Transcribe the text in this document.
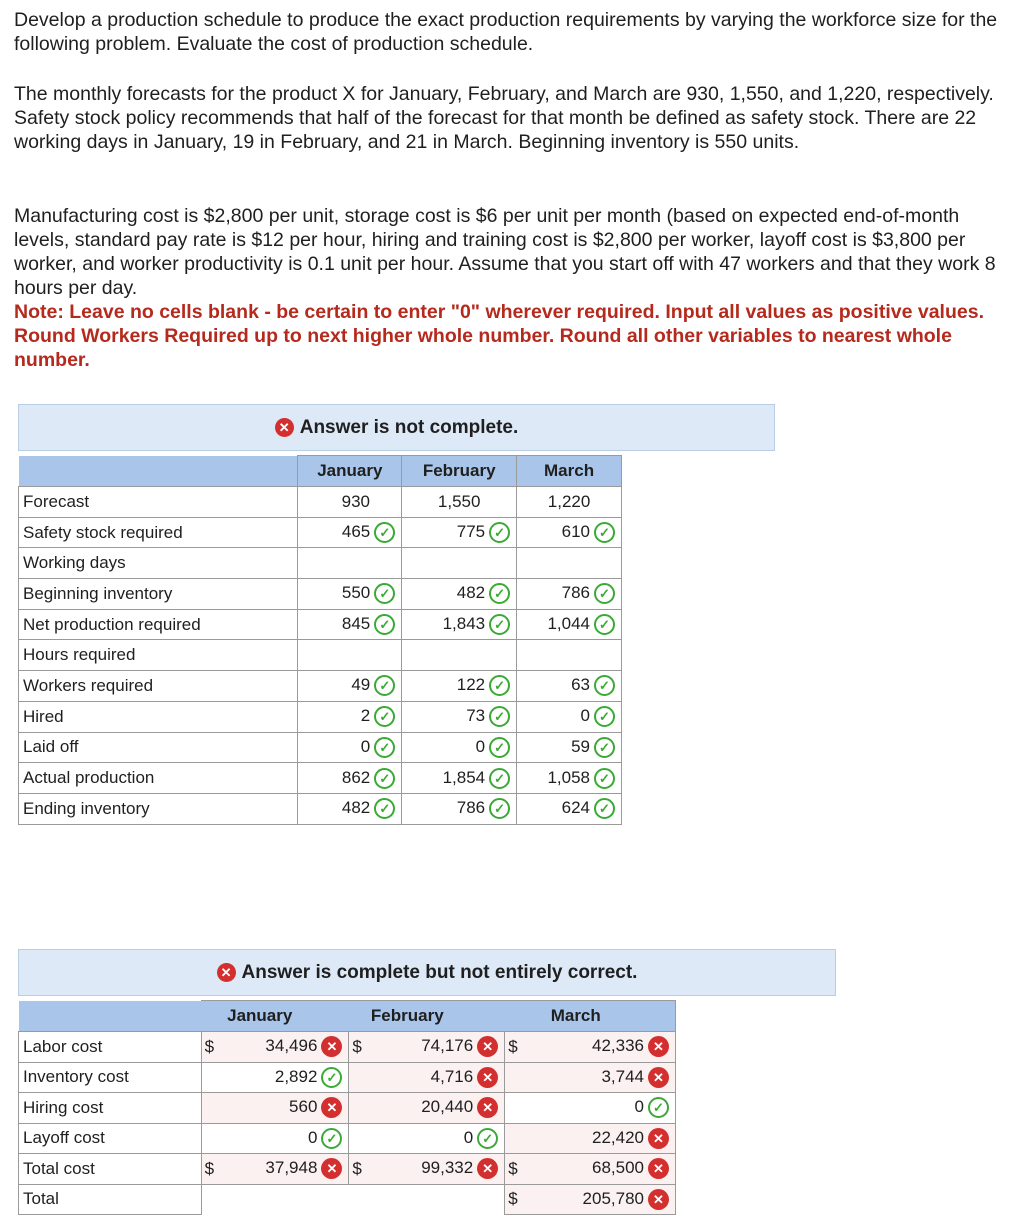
Develop a production schedule to produce the exact production requirements by varying the workforce size for the following problem. Evaluate the cost of production schedule.

The monthly forecasts for the product X for January, February, and March are 930, 1,550, and 1,220, respectively. Safety stock policy recommends that half of the forecast for that month be defined as safety stock. There are 22 working days in January, 19 in February, and 21 in March. Beginning inventory is 550 units.

Manufacturing cost is $2,800 per unit, storage cost is $6 per unit per month (based on expected end-of-month levels, standard pay rate is $12 per hour, hiring and training cost is $2,800 per worker, layoff cost is $3,800 per worker, and worker productivity is 0.1 unit per hour. Assume that you start off with 47 workers and that they work 8 hours per day.

Note: Leave no cells blank - be certain to enter "0" wherever required. Input all values as positive values. Round Workers Required up to next higher whole number. Round all other variables to nearest whole number.

✕ Answer is not complete.
	January	February	March
Forecast	930	1,550	1,220
Safety stock required	465 ✓	775 ✓	610 ✓
Working days			
Beginning inventory	550 ✓	482 ✓	786 ✓
Net production required	845 ✓	1,843 ✓	1,044 ✓
Hours required			
Workers required	49 ✓	122 ✓	63 ✓
Hired	2 ✓	73 ✓	0 ✓
Laid off	0 ✓	0 ✓	59 ✓
Actual production	862 ✓	1,854 ✓	1,058 ✓
Ending inventory	482 ✓	786 ✓	624 ✓
✕ Answer is complete but not entirely correct.
	January		February		March	
Labor cost	$	34,496 ✕	$	74,176 ✕	$	42,336 ✕
Inventory cost		2,892 ✓		4,716 ✕		3,744 ✕
Hiring cost		560 ✕		20,440 ✕		0 ✓
Layoff cost		0 ✓		0 ✓		22,420 ✕
Total cost	$	37,948 ✕	$	99,332 ✕	$	68,500 ✕
Total					$	205,780 ✕
